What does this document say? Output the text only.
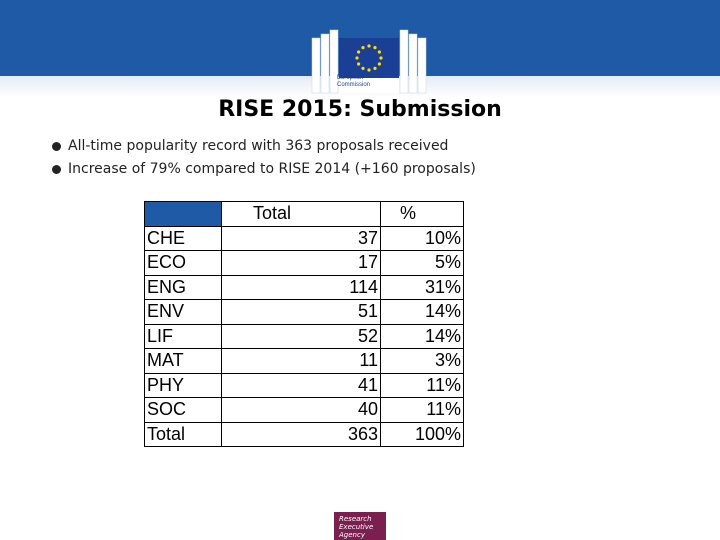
European
Commission
RISE 2015: Submission
All-time popularity record with 363 proposals received
Increase of 79% compared to RISE 2014 (+160 proposals)
	Total	%
CHE	37	10%
ECO	17	5%
ENG	114	31%
ENV	51	14%
LIF	52	14%
MAT	11	3%
PHY	41	11%
SOC	40	11%
Total	363	100%
Research
Executive
Agency
